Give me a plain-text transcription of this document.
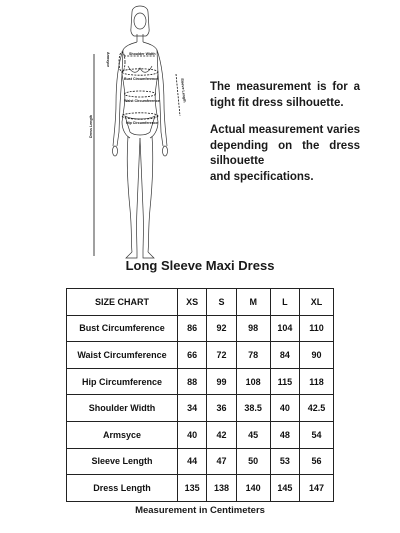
Shoulder Width
Armsyce
Bust Circumference
Waist Circumference
Hip Circumference
Sleeve Length
Dress Length

The measurement is for a tight fit dress silhouette.

Actual measurement varies depending on the dress silhouette

and specifications.

Long Sleeve Maxi Dress
SIZE CHART	XS	S	M	L	XL
Bust Circumference	86	92	98	104	110
Waist Circumference	66	72	78	84	90
Hip Circumference	88	99	108	115	118
Shoulder Width	34	36	38.5	40	42.5
Armsyce	40	42	45	48	54
Sleeve Length	44	47	50	53	56
Dress Length	135	138	140	145	147
Measurement in Centimeters
